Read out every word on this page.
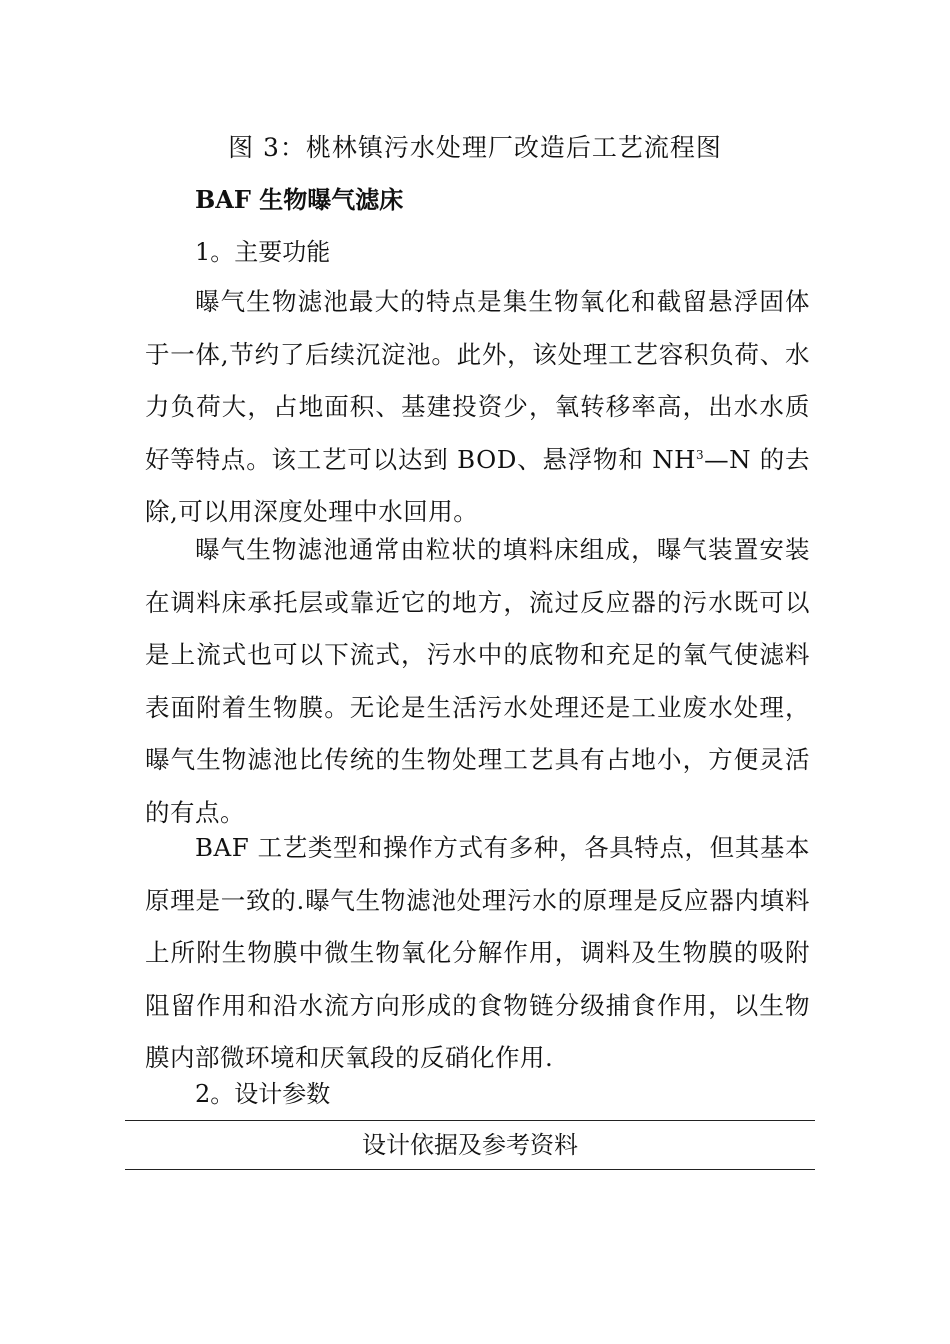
图 3：桃林镇污水处理厂改造后工艺流程图
BAF 生物曝气滤床
1。主要功能
曝气生物滤池最大的特点是集生物氧化和截留悬浮固体于一体,节约了后续沉淀池。此外，该处理工艺容积负荷、水力负荷大，占地面积、基建投资少，氧转移率高，出水水质好等特点。该工艺可以达到 BOD、悬浮物和 $NH^3—N$ 的去除,可以用深度处理中水回用。
曝气生物滤池通常由粒状的填料床组成，曝气装置安装在调料床承托层或靠近它的地方，流过反应器的污水既可以是上流式也可以下流式，污水中的底物和充足的氧气使滤料表面附着生物膜。无论是生活污水处理还是工业废水处理，曝气生物滤池比传统的生物处理工艺具有占地小，方便灵活的有点。
BAF 工艺类型和操作方式有多种，各具特点，但其基本原理是一致的.曝气生物滤池处理污水的原理是反应器内填料上所附生物膜中微生物氧化分解作用，调料及生物膜的吸附阻留作用和沿水流方向形成的食物链分级捕食作用，以生物膜内部微环境和厌氧段的反硝化作用.
2。设计参数
设计依据及参考资料
